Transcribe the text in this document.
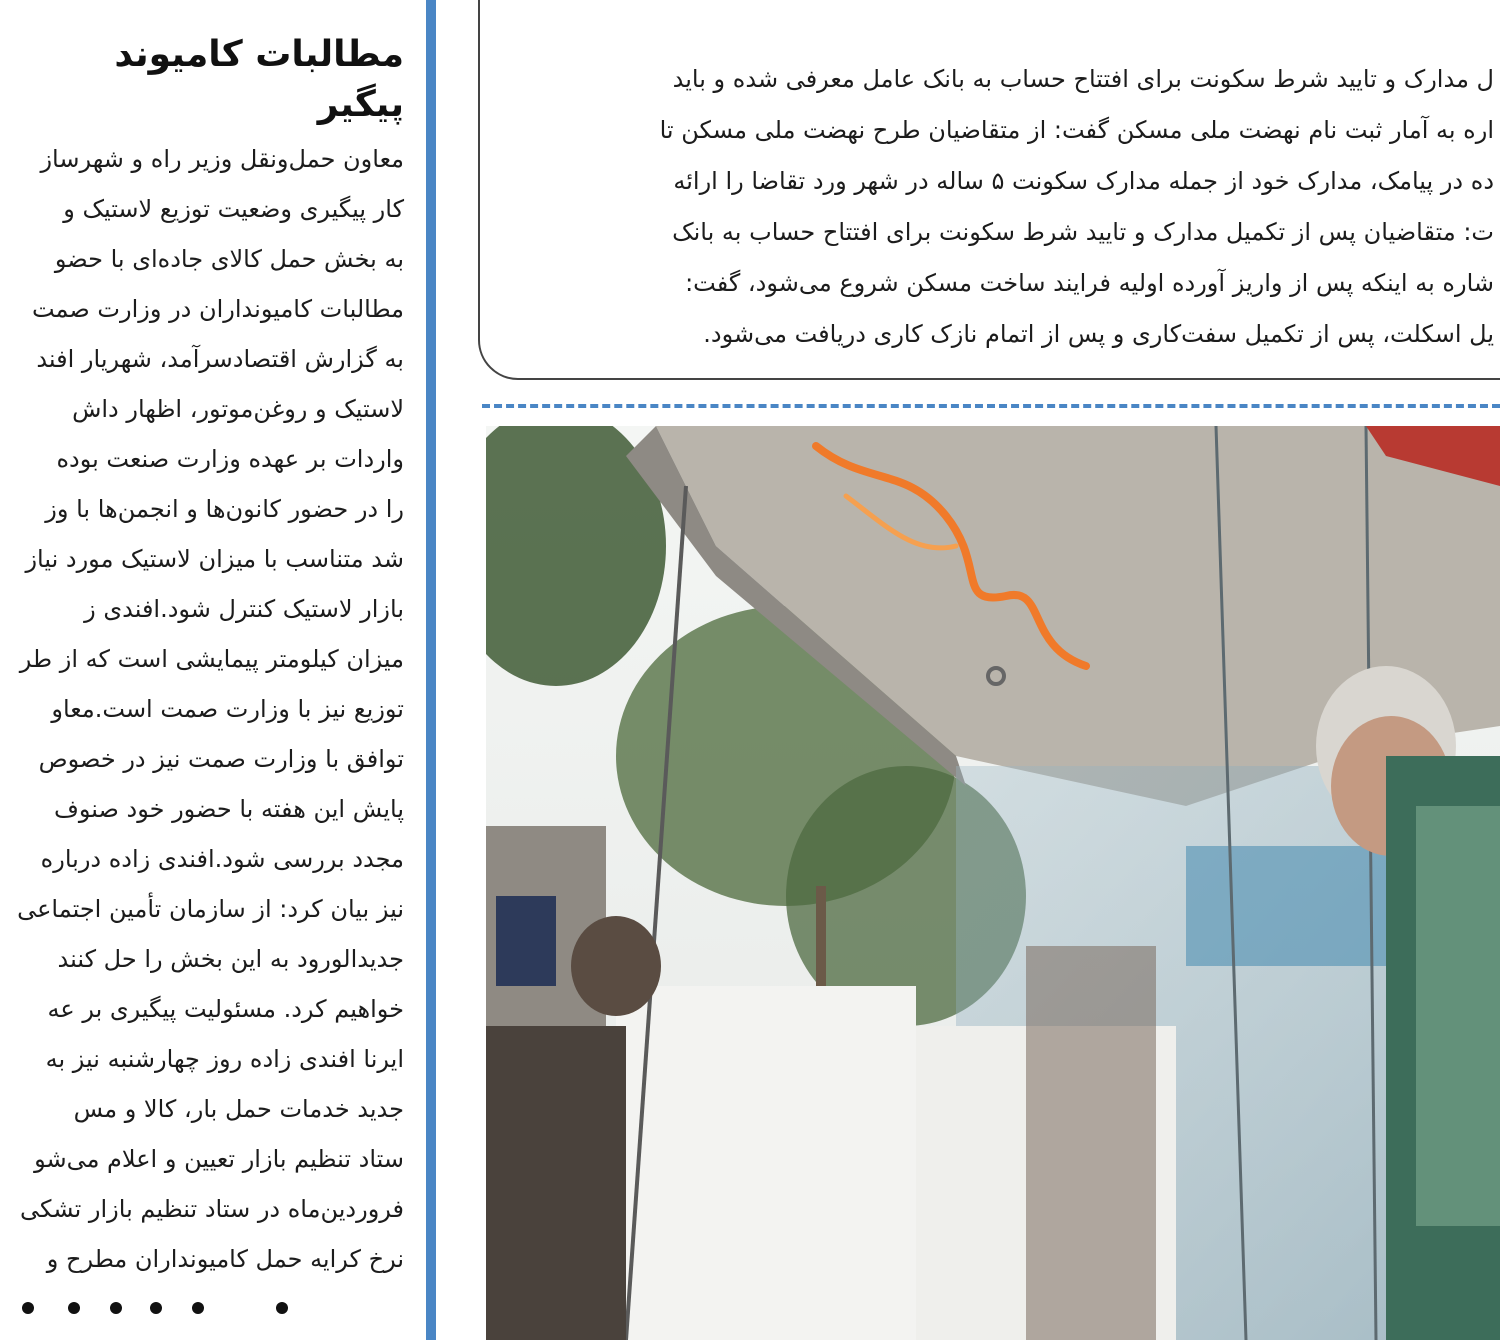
مطالبات کامیوند
پیگیر
معاون حمل‌ونقل وزیر راه و شهرساز
کار پیگیری وضعیت توزیع لاستیک و
به بخش حمل کالای جاده‌ای با حضو
مطالبات کامیونداران در وزارت صمت
به گزارش اقتصادسرآمد، شهریار افند
لاستیک و روغن‌موتور، اظهار داش
واردات بر عهده وزارت صنعت بوده
را در حضور کانون‌ها و انجمن‌ها با وز
شد متناسب با میزان لاستیک مورد نیاز
بازار لاستیک کنترل شود.افندی ز
میزان کیلومتر پیمایشی است که از طر
توزیع نیز با وزارت صمت است.معاو
توافق با وزارت صمت نیز در خصوص
پایش این هفته با حضور خود صنوف
مجدد بررسی شود.افندی زاده درباره
نیز بیان کرد: از سازمان تأمین اجتماعی
جدیدالورود به این بخش را حل کنند
خواهیم کرد. مسئولیت پیگیری بر عه
ایرنا افندی زاده روز چهارشنبه نیز به
جدید خدمات حمل بار، کالا و مس
ستاد تنظیم بازار تعیین و اعلام می‌شو
فروردین‌ماه در ستاد تنظیم بازار تشکی
نرخ کرایه حمل کامیونداران مطرح و
ل مدارک و تایید شرط سکونت برای افتتاح حساب به بانک عامل معرفی شده و باید
اره به آمار ثبت نام نهضت ملی مسکن گفت: از متقاضیان طرح نهضت ملی مسکن تا
ده در پیامک، مدارک خود از جمله مدارک سکونت ۵ ساله در شهر ورد تقاضا را ارائه
ت: متقاضیان پس از تکمیل مدارک و تایید شرط سکونت برای افتتاح حساب به بانک
شاره به اینکه پس از واریز آورده اولیه فرایند ساخت مسکن شروع می‌شود، گفت:
یل اسکلت، پس از تکمیل سفت‌کاری و پس از اتمام نازک کاری دریافت می‌شود.
